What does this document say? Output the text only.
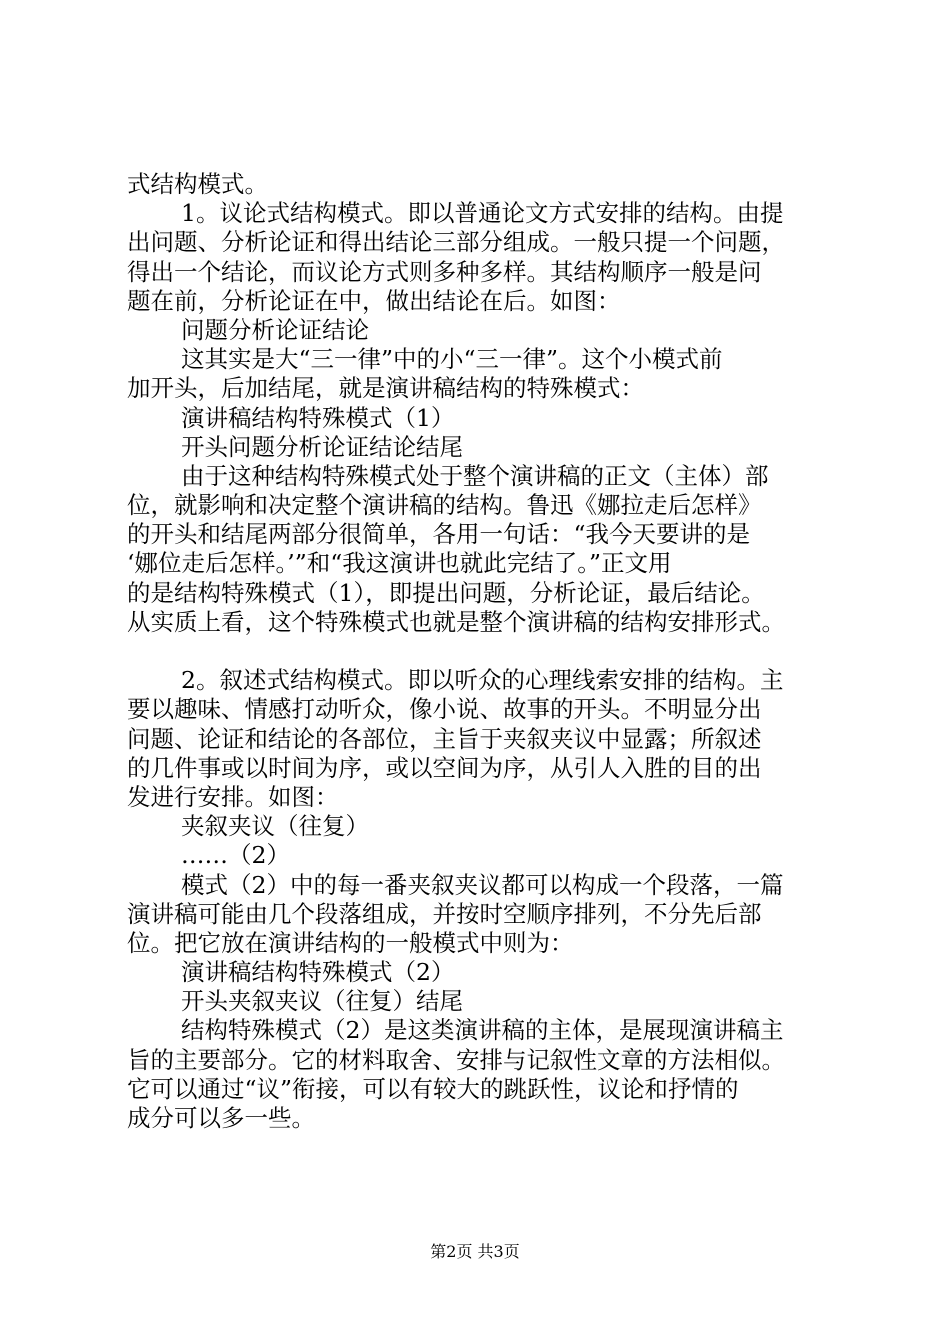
式结构模式。
1。议论式结构模式。即以普通论文方式安排的结构。由提
出问题、分析论证和得出结论三部分组成。一般只提一个问题，
得出一个结论，而议论方式则多种多样。其结构顺序一般是问
题在前，分析论证在中，做出结论在后。如图：
问题分析论证结论
这其实是大“三一律”中的小“三一律”。这个小模式前
加开头，后加结尾，就是演讲稿结构的特殊模式：
演讲稿结构特殊模式（1）
开头问题分析论证结论结尾
由于这种结构特殊模式处于整个演讲稿的正文（主体）部
位，就影响和决定整个演讲稿的结构。鲁迅《娜拉走后怎样》
的开头和结尾两部分很简单，各用一句话：“我今天要讲的是
‘娜位走后怎样。’”和“我这演讲也就此完结了。”正文用
的是结构特殊模式（1），即提出问题，分析论证，最后结论。
从实质上看，这个特殊模式也就是整个演讲稿的结构安排形式。
2。叙述式结构模式。即以听众的心理线索安排的结构。主
要以趣味、情感打动听众，像小说、故事的开头。不明显分出
问题、论证和结论的各部位，主旨于夹叙夹议中显露；所叙述
的几件事或以时间为序，或以空间为序，从引人入胜的目的出
发进行安排。如图：
夹叙夹议（往复）
……（2）
模式（2）中的每一番夹叙夹议都可以构成一个段落，一篇
演讲稿可能由几个段落组成，并按时空顺序排列，不分先后部
位。把它放在演讲结构的一般模式中则为：
演讲稿结构特殊模式（2）
开头夹叙夹议（往复）结尾
结构特殊模式（2）是这类演讲稿的主体，是展现演讲稿主
旨的主要部分。它的材料取舍、安排与记叙性文章的方法相似。
它可以通过“议”衔接，可以有较大的跳跃性，议论和抒情的
成分可以多一些。
第2页 共3页
